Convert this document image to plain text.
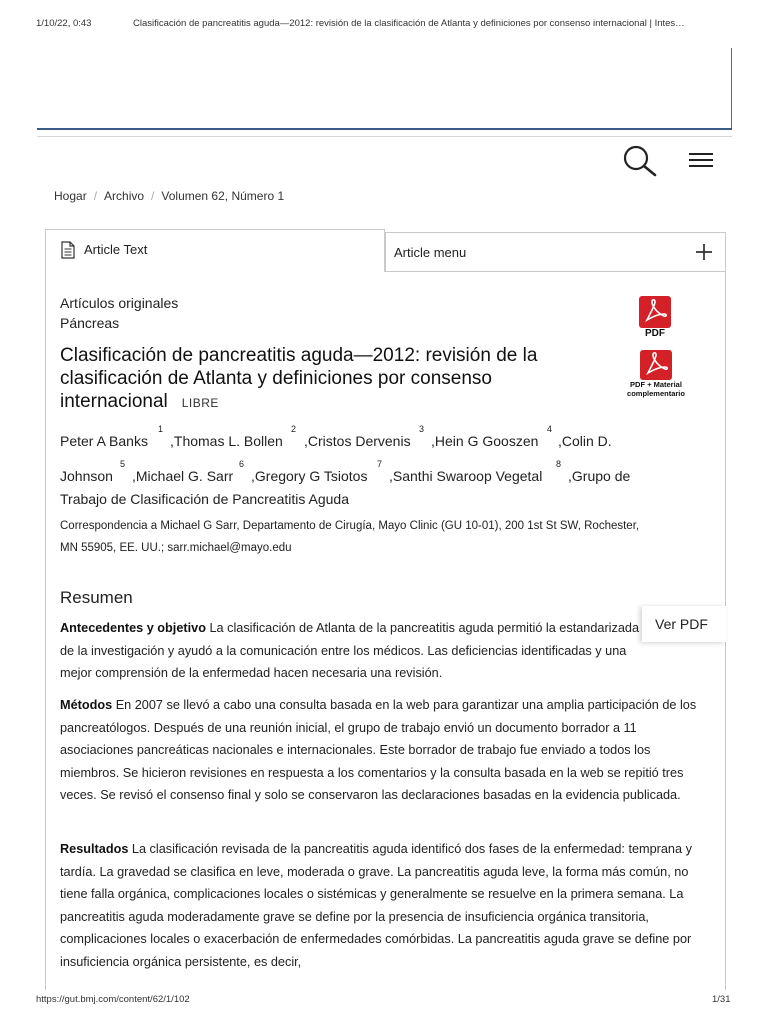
1/10/22, 0:43	Clasificación de pancreatitis aguda—2012: revisión de la clasificación de Atlanta y definiciones por consenso internacional | Intes…
Hogar / Archivo / Volumen 62, Número 1
Article Text	Article menu
Artículos originales
Páncreas
PDF
PDF + Material complementario
Clasificación de pancreatitis aguda—2012: revisión de la clasificación de Atlanta y definiciones por consenso internacional LIBRE
Peter A Banks
1
,Thomas L. Bollen
2
,Cristos Dervenis
3
,Hein G Gooszen
4
,Colin D.
Johnson
5
,Michael G. Sarr
6
,Gregory G Tsiotos
7
,Santhi Swaroop Vegetal
8
,Grupo de
Trabajo de Clasificación de Pancreatitis Aguda
Correspondencia a Michael G Sarr, Departamento de Cirugía, Mayo Clinic (GU 10-01), 200 1st St SW, Rochester, MN 55905, EE. UU.; sarr.michael@mayo.edu
Resumen
Ver PDF
Antecedentes y objetivo La clasificación de Atlanta de la pancreatitis aguda permitió la estandarizada de la investigación y ayudó a la comunicación entre los médicos. Las deficiencias identificadas y una mejor comprensión de la enfermedad hacen necesaria una revisión.
Métodos En 2007 se llevó a cabo una consulta basada en la web para garantizar una amplia participación de los pancreatólogos. Después de una reunión inicial, el grupo de trabajo envió un documento borrador a 11 asociaciones pancreáticas nacionales e internacionales. Este borrador de trabajo fue enviado a todos los miembros. Se hicieron revisiones en respuesta a los comentarios y la consulta basada en la web se repitió tres veces. Se revisó el consenso final y solo se conservaron las declaraciones basadas en la evidencia publicada.
Resultados La clasificación revisada de la pancreatitis aguda identificó dos fases de la enfermedad: temprana y tardía. La gravedad se clasifica en leve, moderada o grave. La pancreatitis aguda leve, la forma más común, no tiene falla orgánica, complicaciones locales o sistémicas y generalmente se resuelve en la primera semana. La pancreatitis aguda moderadamente grave se define por la presencia de insuficiencia orgánica transitoria, complicaciones locales o exacerbación de enfermedades comórbidas. La pancreatitis aguda grave se define por insuficiencia orgánica persistente, es decir,
https://gut.bmj.com/content/62/1/102	1/31
